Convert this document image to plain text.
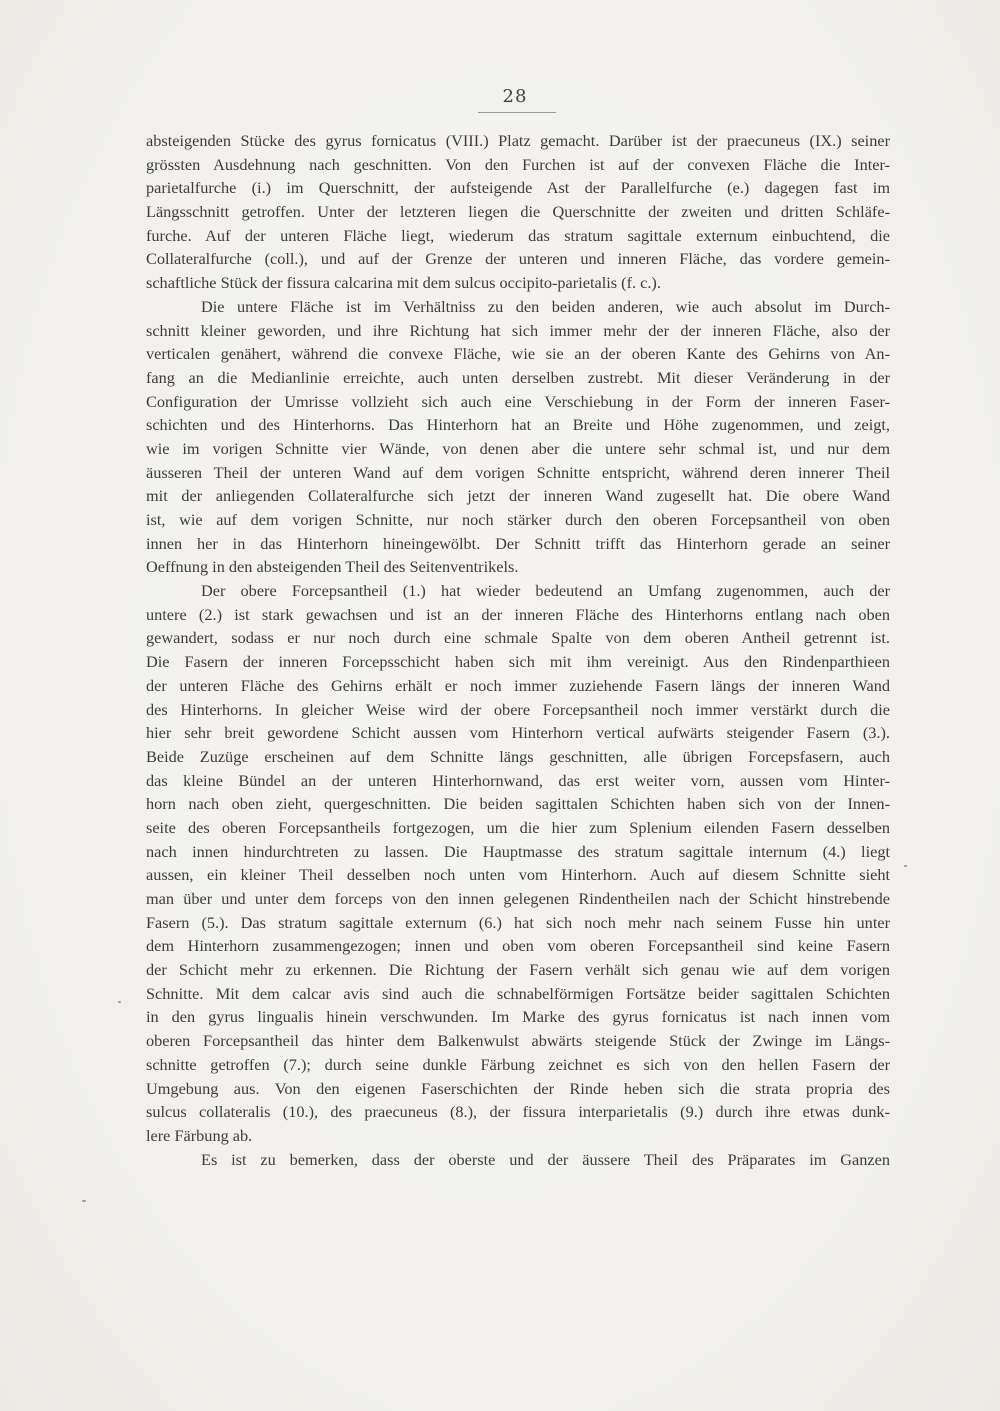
28
absteigenden Stücke des gyrus fornicatus (VIII.) Platz gemacht. Darüber ist der praecuneus (IX.) seiner
grössten Ausdehnung nach geschnitten. Von den Furchen ist auf der convexen Fläche die Inter-
parietalfurche (i.) im Querschnitt, der aufsteigende Ast der Parallelfurche (e.) dagegen fast im
Längsschnitt getroffen. Unter der letzteren liegen die Querschnitte der zweiten und dritten Schläfe-
furche. Auf der unteren Fläche liegt, wiederum das stratum sagittale externum einbuchtend, die
Collateralfurche (coll.), und auf der Grenze der unteren und inneren Fläche, das vordere gemein-
schaftliche Stück der fissura calcarina mit dem sulcus occipito-parietalis (f. c.).
Die untere Fläche ist im Verhältniss zu den beiden anderen, wie auch absolut im Durch-
schnitt kleiner geworden, und ihre Richtung hat sich immer mehr der der inneren Fläche, also der
verticalen genähert, während die convexe Fläche, wie sie an der oberen Kante des Gehirns von An-
fang an die Medianlinie erreichte, auch unten derselben zustrebt. Mit dieser Veränderung in der
Configuration der Umrisse vollzieht sich auch eine Verschiebung in der Form der inneren Faser-
schichten und des Hinterhorns. Das Hinterhorn hat an Breite und Höhe zugenommen, und zeigt,
wie im vorigen Schnitte vier Wände, von denen aber die untere sehr schmal ist, und nur dem
äusseren Theil der unteren Wand auf dem vorigen Schnitte entspricht, während deren innerer Theil
mit der anliegenden Collateralfurche sich jetzt der inneren Wand zugesellt hat. Die obere Wand
ist, wie auf dem vorigen Schnitte, nur noch stärker durch den oberen Forcepsantheil von oben
innen her in das Hinterhorn hineingewölbt. Der Schnitt trifft das Hinterhorn gerade an seiner
Oeffnung in den absteigenden Theil des Seitenventrikels.
Der obere Forcepsantheil (1.) hat wieder bedeutend an Umfang zugenommen, auch der
untere (2.) ist stark gewachsen und ist an der inneren Fläche des Hinterhorns entlang nach oben
gewandert, sodass er nur noch durch eine schmale Spalte von dem oberen Antheil getrennt ist.
Die Fasern der inneren Forcepsschicht haben sich mit ihm vereinigt. Aus den Rindenparthieen
der unteren Fläche des Gehirns erhält er noch immer zuziehende Fasern längs der inneren Wand
des Hinterhorns. In gleicher Weise wird der obere Forcepsantheil noch immer verstärkt durch die
hier sehr breit gewordene Schicht aussen vom Hinterhorn vertical aufwärts steigender Fasern (3.).
Beide Zuzüge erscheinen auf dem Schnitte längs geschnitten, alle übrigen Forcepsfasern, auch
das kleine Bündel an der unteren Hinterhornwand, das erst weiter vorn, aussen vom Hinter-
horn nach oben zieht, quergeschnitten. Die beiden sagittalen Schichten haben sich von der Innen-
seite des oberen Forcepsantheils fortgezogen, um die hier zum Splenium eilenden Fasern desselben
nach innen hindurchtreten zu lassen. Die Hauptmasse des stratum sagittale internum (4.) liegt
aussen, ein kleiner Theil desselben noch unten vom Hinterhorn. Auch auf diesem Schnitte sieht
man über und unter dem forceps von den innen gelegenen Rindentheilen nach der Schicht hinstrebende
Fasern (5.). Das stratum sagittale externum (6.) hat sich noch mehr nach seinem Fusse hin unter
dem Hinterhorn zusammengezogen; innen und oben vom oberen Forcepsantheil sind keine Fasern
der Schicht mehr zu erkennen. Die Richtung der Fasern verhält sich genau wie auf dem vorigen
Schnitte. Mit dem calcar avis sind auch die schnabelförmigen Fortsätze beider sagittalen Schichten
in den gyrus lingualis hinein verschwunden. Im Marke des gyrus fornicatus ist nach innen vom
oberen Forcepsantheil das hinter dem Balkenwulst abwärts steigende Stück der Zwinge im Längs-
schnitte getroffen (7.); durch seine dunkle Färbung zeichnet es sich von den hellen Fasern der
Umgebung aus. Von den eigenen Faserschichten der Rinde heben sich die strata propria des
sulcus collateralis (10.), des praecuneus (8.), der fissura interparietalis (9.) durch ihre etwas dunk-
lere Färbung ab.
Es ist zu bemerken, dass der oberste und der äussere Theil des Präparates im Ganzen
